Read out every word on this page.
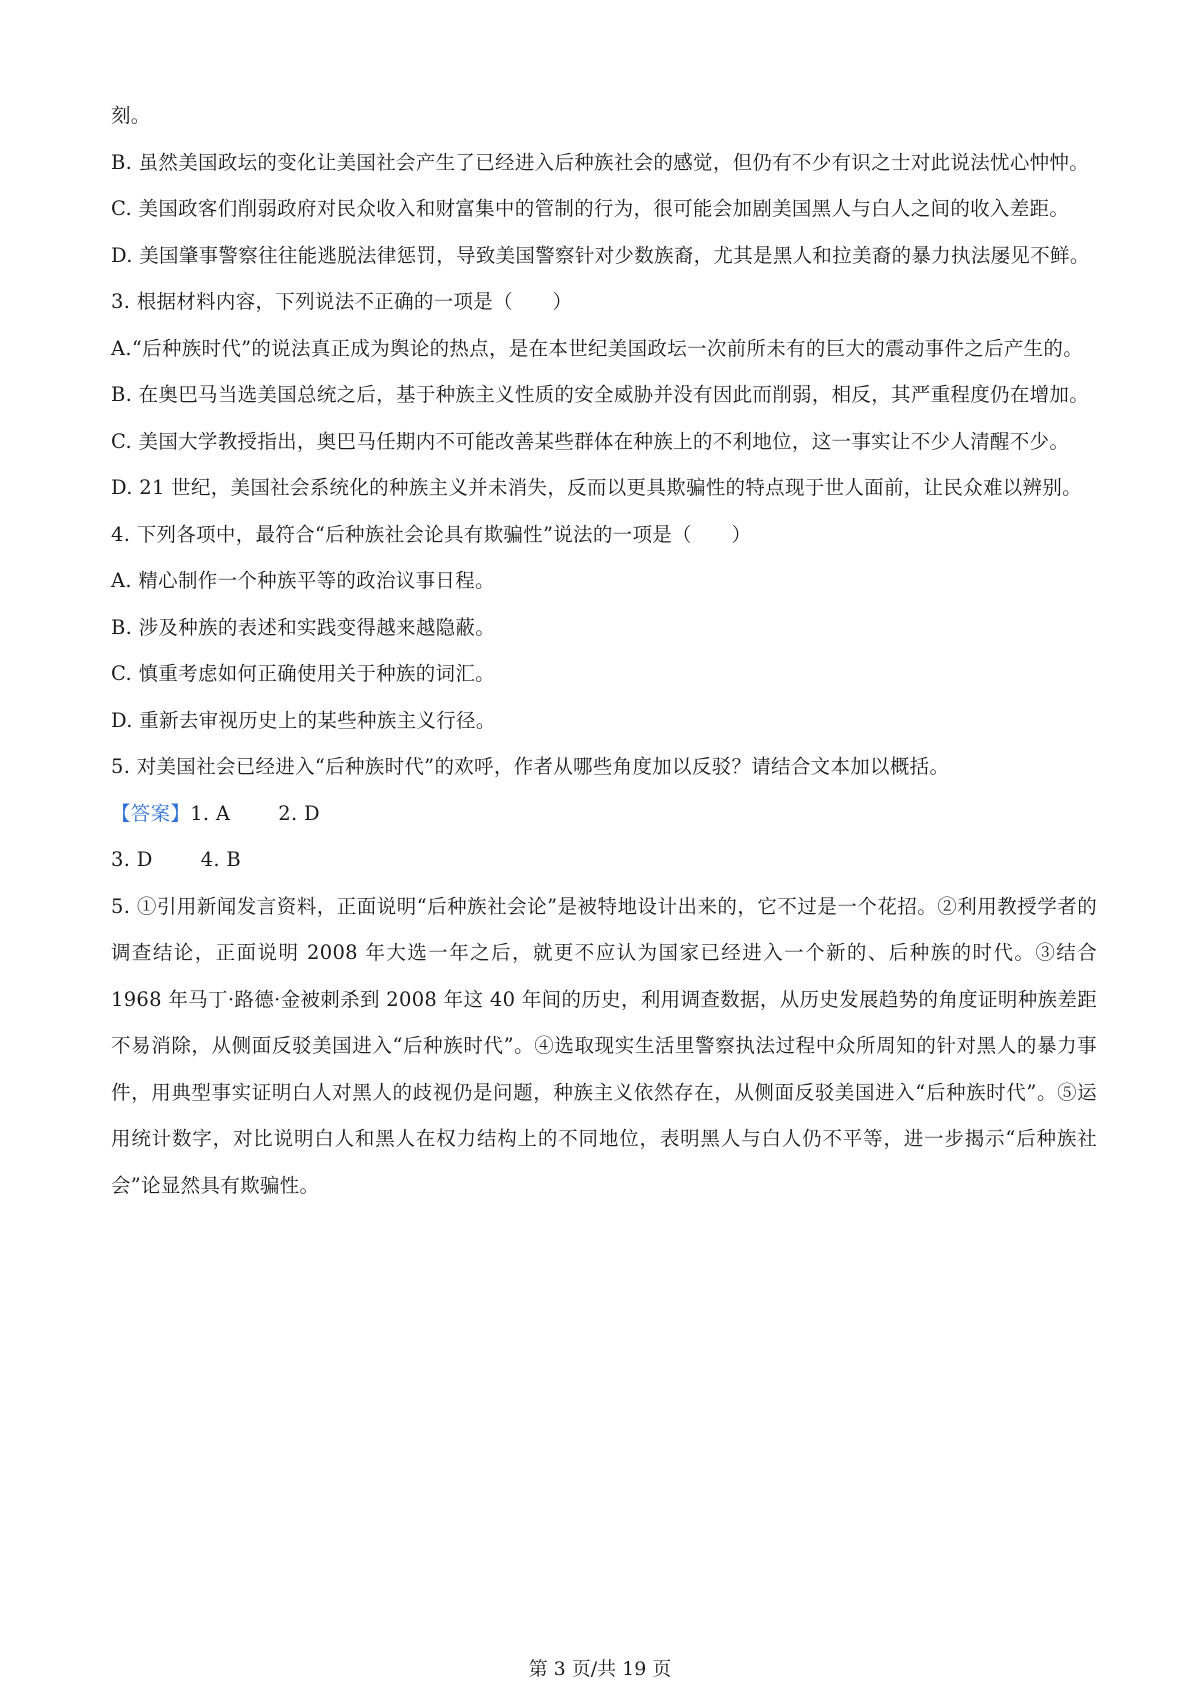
刻。

B. 虽然美国政坛的变化让美国社会产生了已经进入后种族社会的感觉，但仍有不少有识之士对此说法忧心忡忡。

C. 美国政客们削弱政府对民众收入和财富集中的管制的行为，很可能会加剧美国黑人与白人之间的收入差距。

D. 美国肇事警察往往能逃脱法律惩罚，导致美国警察针对少数族裔，尤其是黑人和拉美裔的暴力执法屡见不鲜。

3. 根据材料内容，下列说法不正确的一项是（　　）

A.“后种族时代”的说法真正成为舆论的热点，是在本世纪美国政坛一次前所未有的巨大的震动事件之后产生的。

B. 在奥巴马当选美国总统之后，基于种族主义性质的安全威胁并没有因此而削弱，相反，其严重程度仍在增加。

C. 美国大学教授指出，奥巴马任期内不可能改善某些群体在种族上的不利地位，这一事实让不少人清醒不少。

D. 21 世纪，美国社会系统化的种族主义并未消失，反而以更具欺骗性的特点现于世人面前，让民众难以辨别。

4. 下列各项中，最符合“后种族社会论具有欺骗性”说法的一项是（　　）

A. 精心制作一个种族平等的政治议事日程。

B. 涉及种族的表述和实践变得越来越隐蔽。

C. 慎重考虑如何正确使用关于种族的词汇。

D. 重新去审视历史上的某些种族主义行径。

5. 对美国社会已经进入“后种族时代”的欢呼，作者从哪些角度加以反驳？请结合文本加以概括。

【答案】1. A 2. D

3. D 4. B

5. ①引用新闻发言资料，正面说明“后种族社会论”是被特地设计出来的，它不过是一个花招。②利用教授学者的调查结论，正面说明 2008 年大选一年之后，就更不应认为国家已经进入一个新的、后种族的时代。③结合 1968 年马丁·路德·金被刺杀到 2008 年这 40 年间的历史，利用调查数据，从历史发展趋势的角度证明种族差距不易消除，从侧面反驳美国进入“后种族时代”。④选取现实生活里警察执法过程中众所周知的针对黑人的暴力事件，用典型事实证明白人对黑人的歧视仍是问题，种族主义依然存在，从侧面反驳美国进入“后种族时代”。⑤运用统计数字，对比说明白人和黑人在权力结构上的不同地位，表明黑人与白人仍不平等，进一步揭示“后种族社会”论显然具有欺骗性。

第 3 页/共 19 页
